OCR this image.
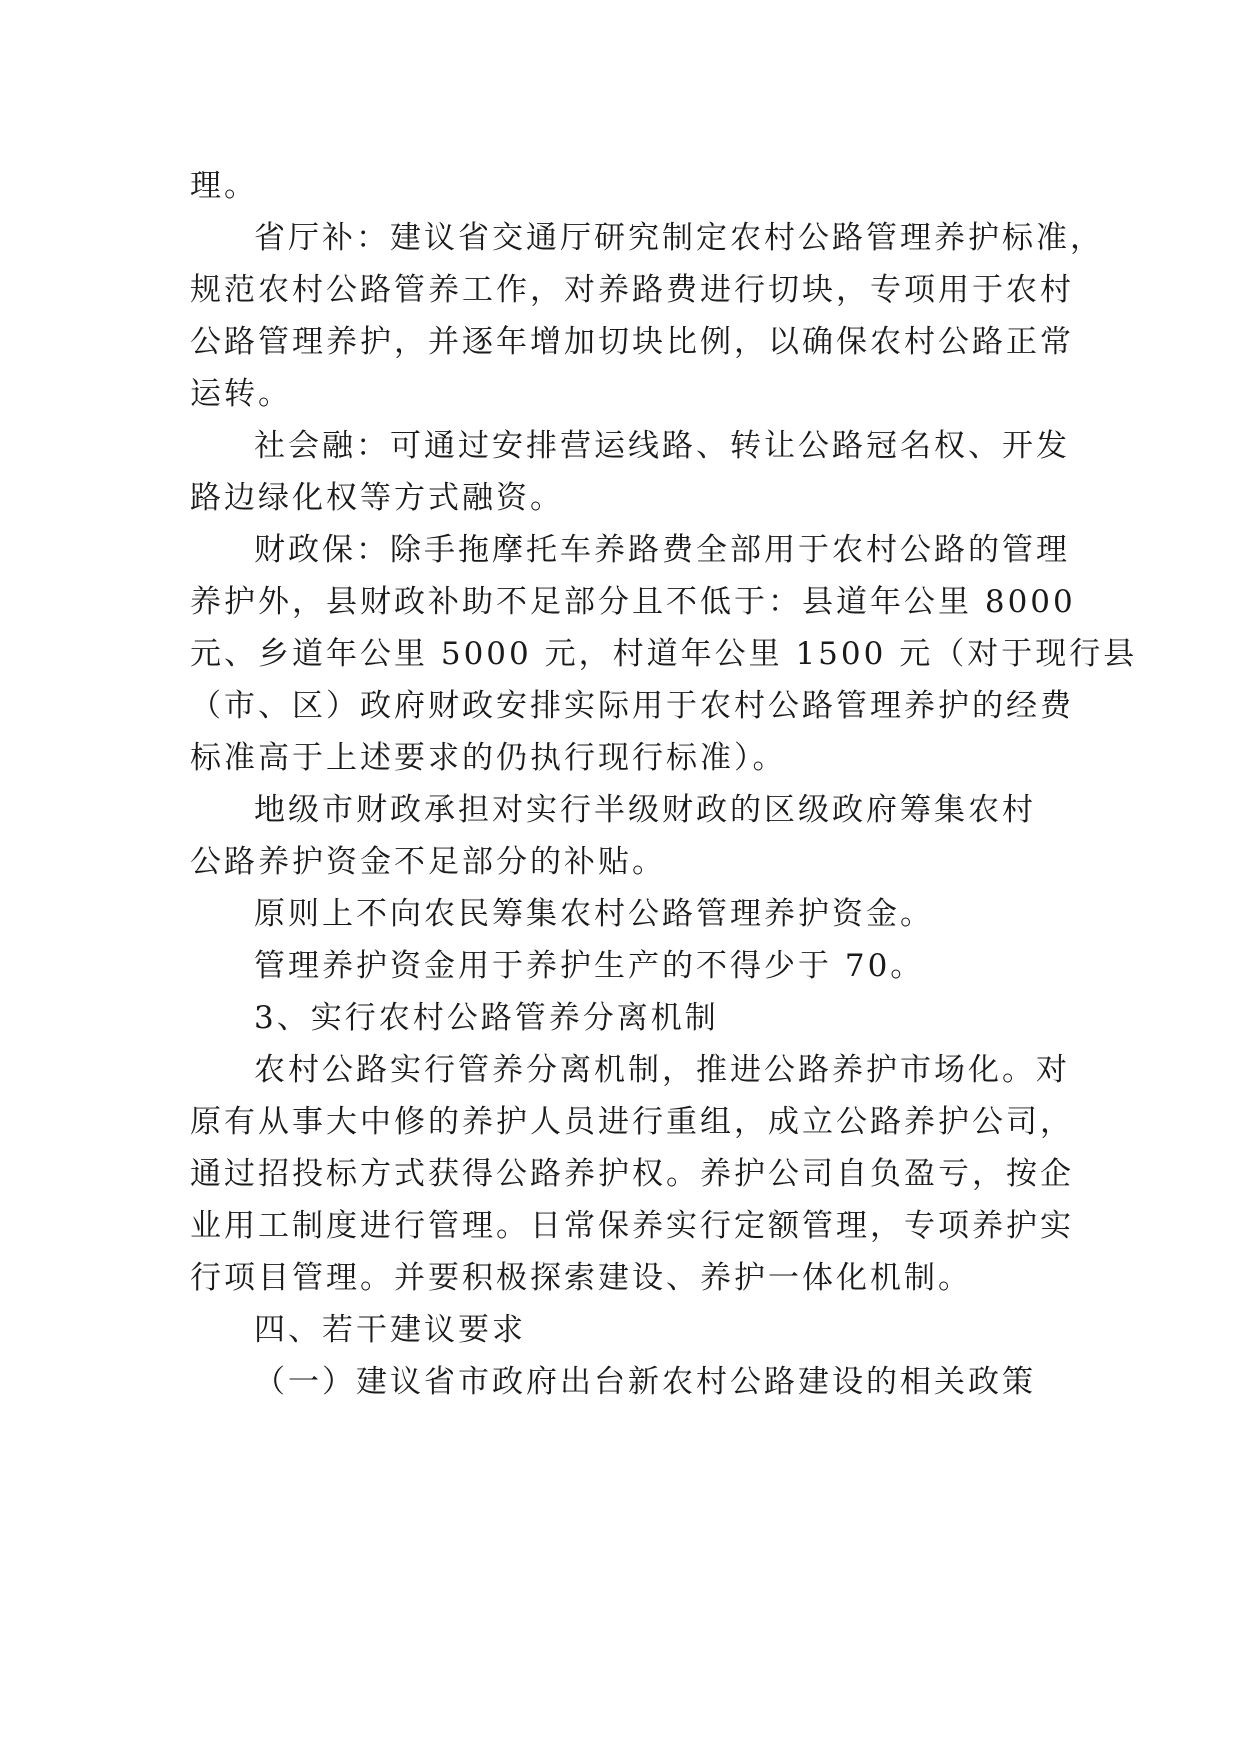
理。
省厅补：建议省交通厅研究制定农村公路管理养护标准，
规范农村公路管养工作，对养路费进行切块，专项用于农村
公路管理养护，并逐年增加切块比例，以确保农村公路正常
运转。
社会融：可通过安排营运线路、转让公路冠名权、开发
路边绿化权等方式融资。
财政保：除手拖摩托车养路费全部用于农村公路的管理
养护外，县财政补助不足部分且不低于：县道年公里 8000
元、乡道年公里 5000 元，村道年公里 1500 元（对于现行县
（市、区）政府财政安排实际用于农村公路管理养护的经费
标准高于上述要求的仍执行现行标准）。
地级市财政承担对实行半级财政的区级政府筹集农村
公路养护资金不足部分的补贴。
原则上不向农民筹集农村公路管理养护资金。
管理养护资金用于养护生产的不得少于 70。
3、实行农村公路管养分离机制
农村公路实行管养分离机制，推进公路养护市场化。对
原有从事大中修的养护人员进行重组，成立公路养护公司，
通过招投标方式获得公路养护权。养护公司自负盈亏，按企
业用工制度进行管理。日常保养实行定额管理，专项养护实
行项目管理。并要积极探索建设、养护一体化机制。
四、若干建议要求
（一）建议省市政府出台新农村公路建设的相关政策
